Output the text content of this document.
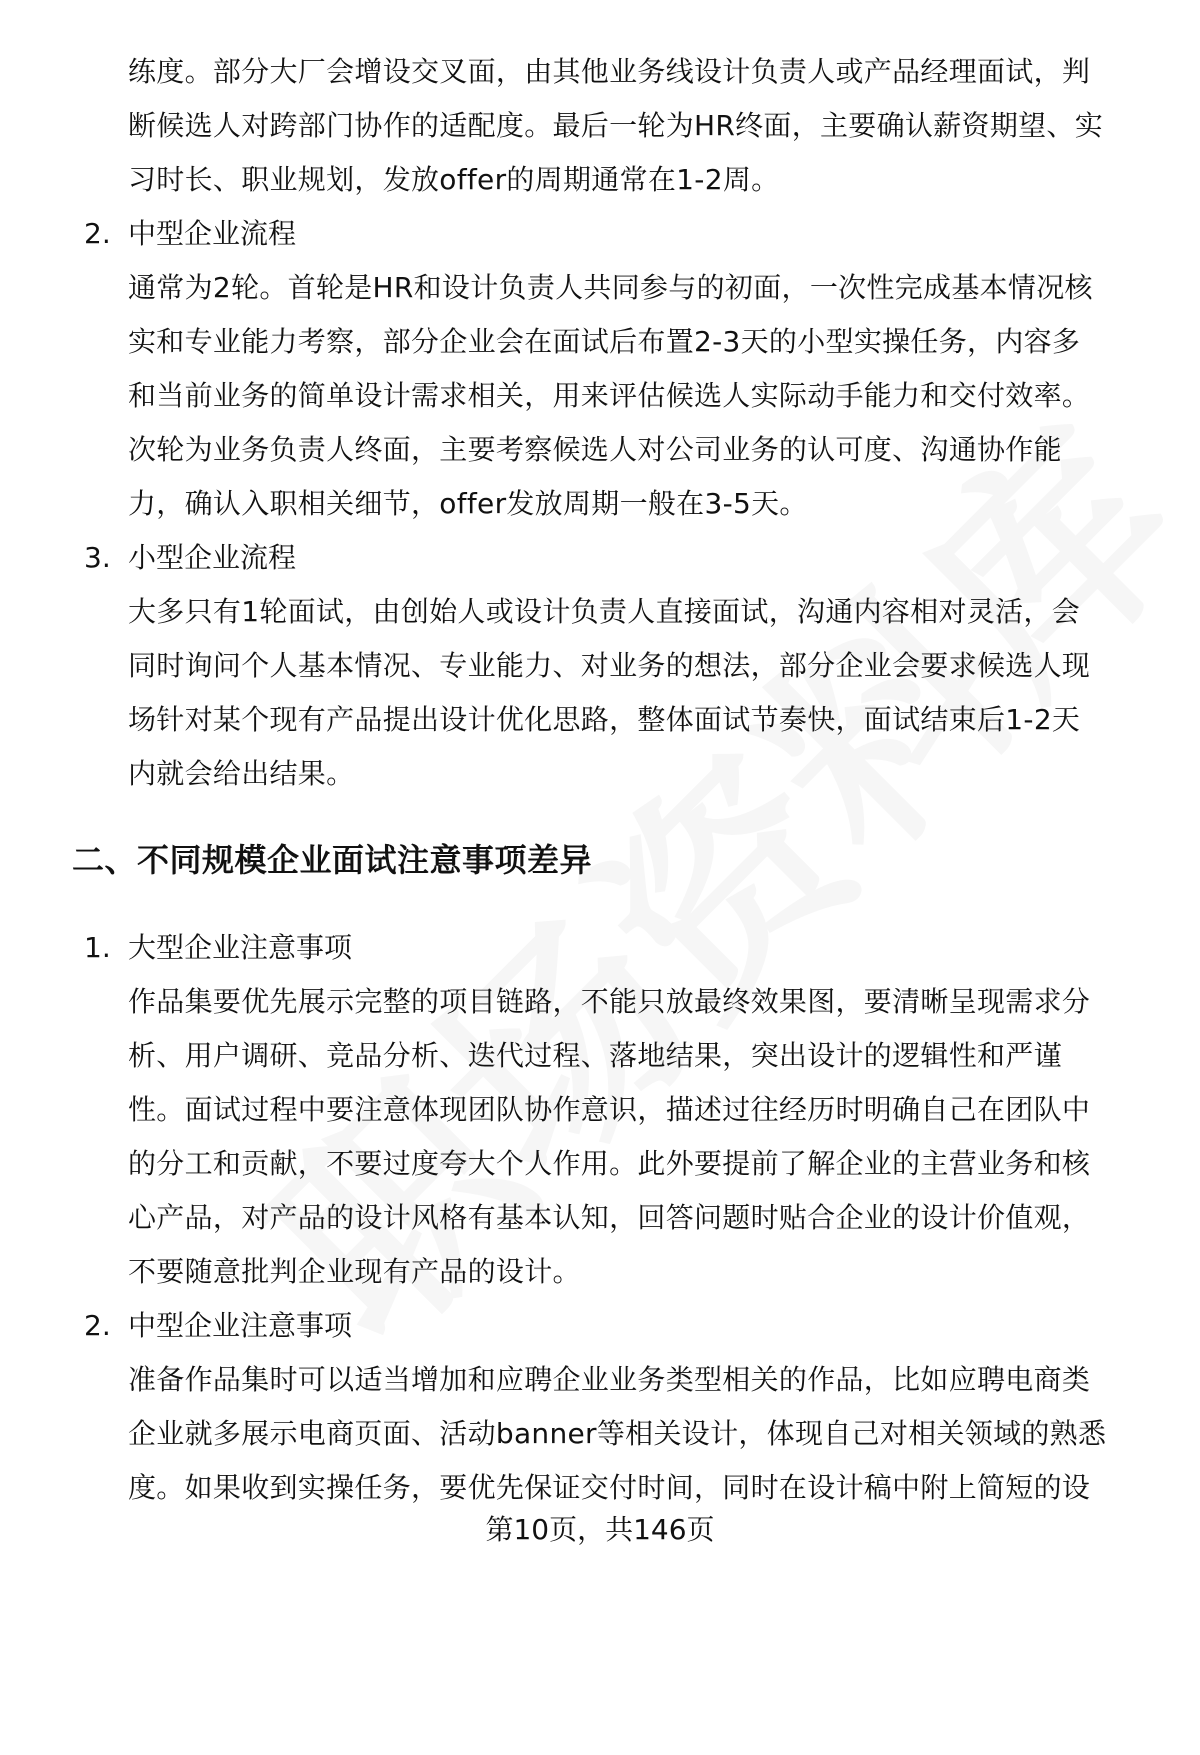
练度。部分大厂会增设交叉面，由其他业务线设计负责人或产品经理面试，判
断候选人对跨部门协作的适配度。最后一轮为HR终面，主要确认薪资期望、实
习时长、职业规划，发放offer的周期通常在1-2周。
2. 中型企业流程
通常为2轮。首轮是HR和设计负责人共同参与的初面，一次性完成基本情况核
实和专业能力考察，部分企业会在面试后布置2-3天的小型实操任务，内容多
和当前业务的简单设计需求相关，用来评估候选人实际动手能力和交付效率。
次轮为业务负责人终面，主要考察候选人对公司业务的认可度、沟通协作能
力，确认入职相关细节，offer发放周期一般在3-5天。
3. 小型企业流程
大多只有1轮面试，由创始人或设计负责人直接面试，沟通内容相对灵活，会
同时询问个人基本情况、专业能力、对业务的想法，部分企业会要求候选人现
场针对某个现有产品提出设计优化思路，整体面试节奏快，面试结束后1-2天
内就会给出结果。
二、不同规模企业面试注意事项差异
1. 大型企业注意事项
作品集要优先展示完整的项目链路，不能只放最终效果图，要清晰呈现需求分
析、用户调研、竞品分析、迭代过程、落地结果，突出设计的逻辑性和严谨
性。面试过程中要注意体现团队协作意识，描述过往经历时明确自己在团队中
的分工和贡献，不要过度夸大个人作用。此外要提前了解企业的主营业务和核
心产品，对产品的设计风格有基本认知，回答问题时贴合企业的设计价值观，
不要随意批判企业现有产品的设计。
2. 中型企业注意事项
准备作品集时可以适当增加和应聘企业业务类型相关的作品，比如应聘电商类
企业就多展示电商页面、活动banner等相关设计，体现自己对相关领域的熟悉
度。如果收到实操任务，要优先保证交付时间，同时在设计稿中附上简短的设
第10页，共146页
